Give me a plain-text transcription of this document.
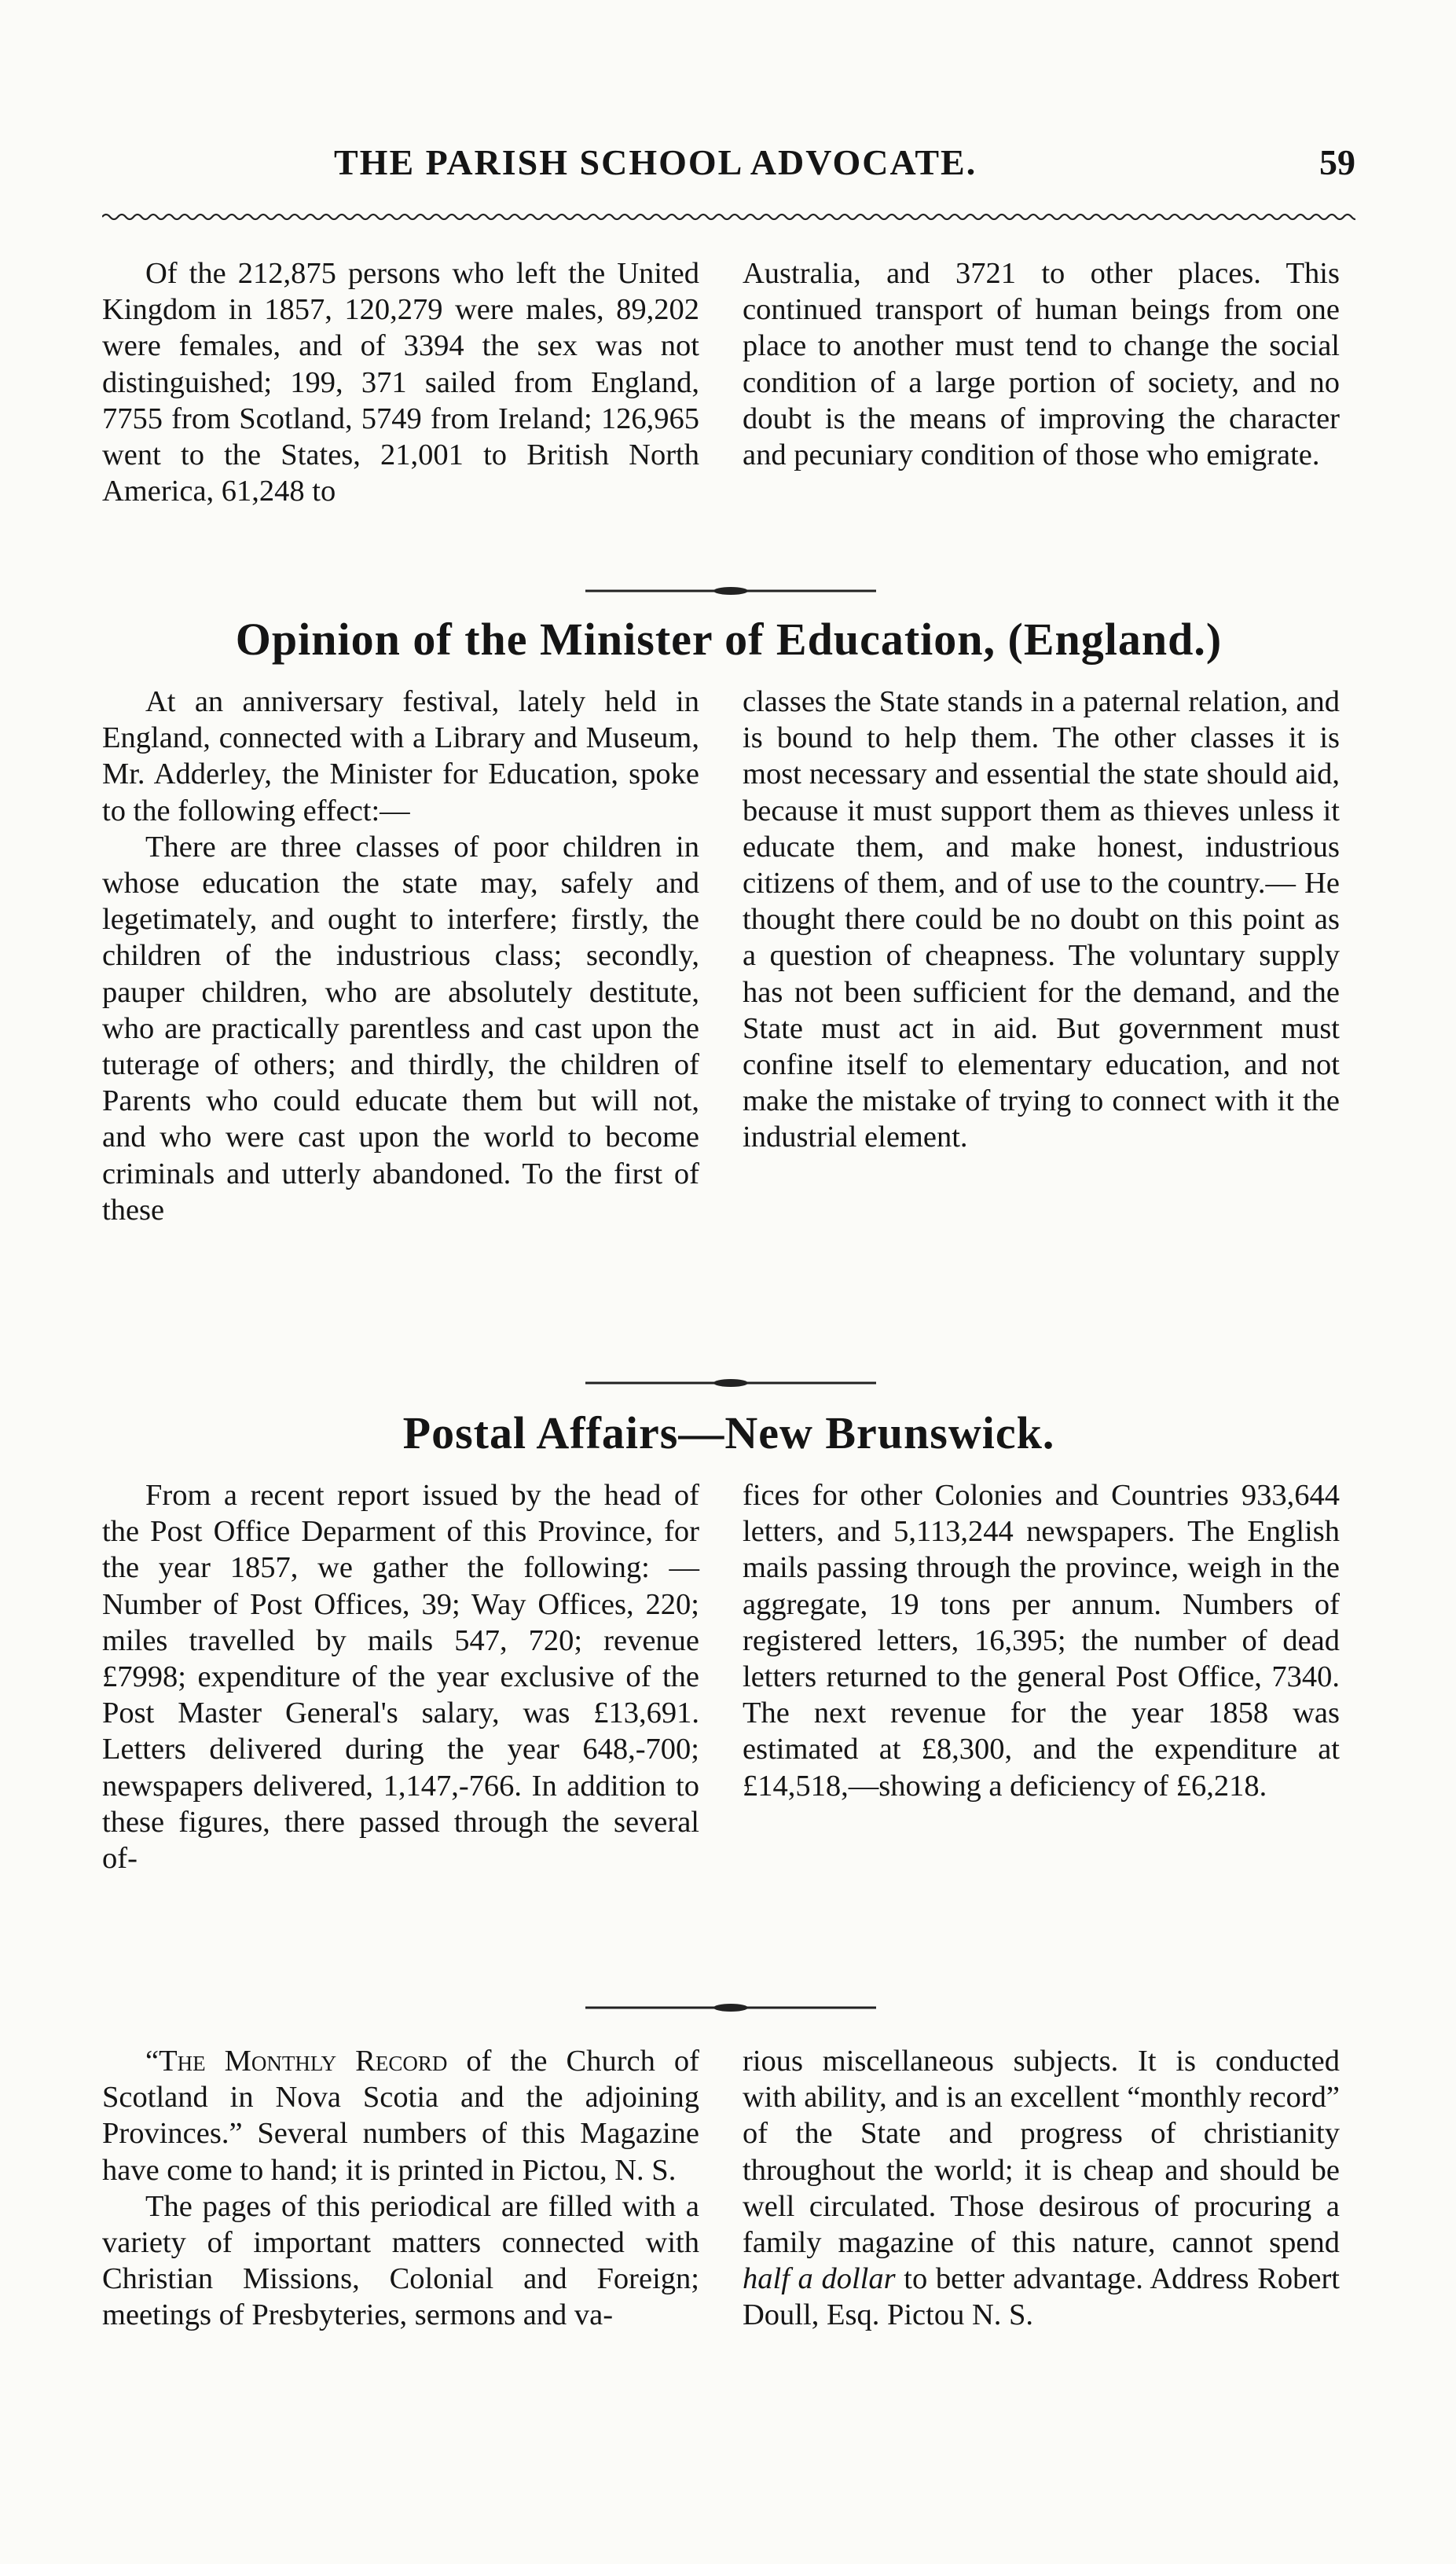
THE PARISH SCHOOL ADVOCATE.	59

Of the 212,875 persons who left the United Kingdom in 1857, 120,279 were males, 89,202 were females, and of 3394 the sex was not distinguished; 199, 371 sailed from England, 7755 from Scotland, 5749 from Ireland; 126,965 went to the States, 21,001 to British North America, 61,248 to

Australia, and 3721 to other places. This continued transport of human beings from one place to another must tend to change the social condition of a large portion of society, and no doubt is the means of improving the character and pecuniary condition of those who emigrate.

Opinion of the Minister of Education, (England.)

At an anniversary festival, lately held in England, connected with a Library and Museum, Mr. Adderley, the Minister for Education, spoke to the following effect:—

There are three classes of poor children in whose education the state may, safely and legetimately, and ought to interfere; firstly, the children of the industrious class; secondly, pauper children, who are absolutely destitute, who are practically parentless and cast upon the tuterage of others; and thirdly, the children of Parents who could educate them but will not, and who were cast upon the world to become criminals and utterly abandoned. To the first of these

classes the State stands in a paternal relation, and is bound to help them. The other classes it is most necessary and essential the state should aid, because it must support them as thieves unless it educate them, and make honest, industrious citizens of them, and of use to the country.— He thought there could be no doubt on this point as a question of cheapness. The voluntary supply has not been sufficient for the demand, and the State must act in aid. But government must confine itself to elementary education, and not make the mistake of trying to connect with it the industrial element.

Postal Affairs—New Brunswick.

From a recent report issued by the head of the Post Office Deparment of this Province, for the year 1857, we gather the following: —Number of Post Offices, 39; Way Offices, 220; miles travelled by mails 547, 720; revenue £7998; expenditure of the year exclusive of the Post Master General's salary, was £13,691. Letters delivered during the year 648,-700; newspapers delivered, 1,147,-766. In addition to these figures, there passed through the several of-

fices for other Colonies and Countries 933,644 letters, and 5,113,244 newspapers. The English mails passing through the province, weigh in the aggregate, 19 tons per annum. Numbers of registered letters, 16,395; the number of dead letters returned to the general Post Office, 7340. The next revenue for the year 1858 was estimated at £8,300, and the expenditure at £14,518,—showing a deficiency of £6,218.

“The Monthly Record of the Church of Scotland in Nova Scotia and the adjoining Provinces.” Several numbers of this Magazine have come to hand; it is printed in Pictou, N. S.

The pages of this periodical are filled with a variety of important matters connected with Christian Missions, Colonial and Foreign; meetings of Presbyteries, sermons and va-

rious miscellaneous subjects. It is conducted with ability, and is an excellent “monthly record” of the State and progress of christianity throughout the world; it is cheap and should be well circulated. Those desirous of procuring a family magazine of this nature, cannot spend half a dollar to better advantage. Address Robert Doull, Esq. Pictou N. S.
